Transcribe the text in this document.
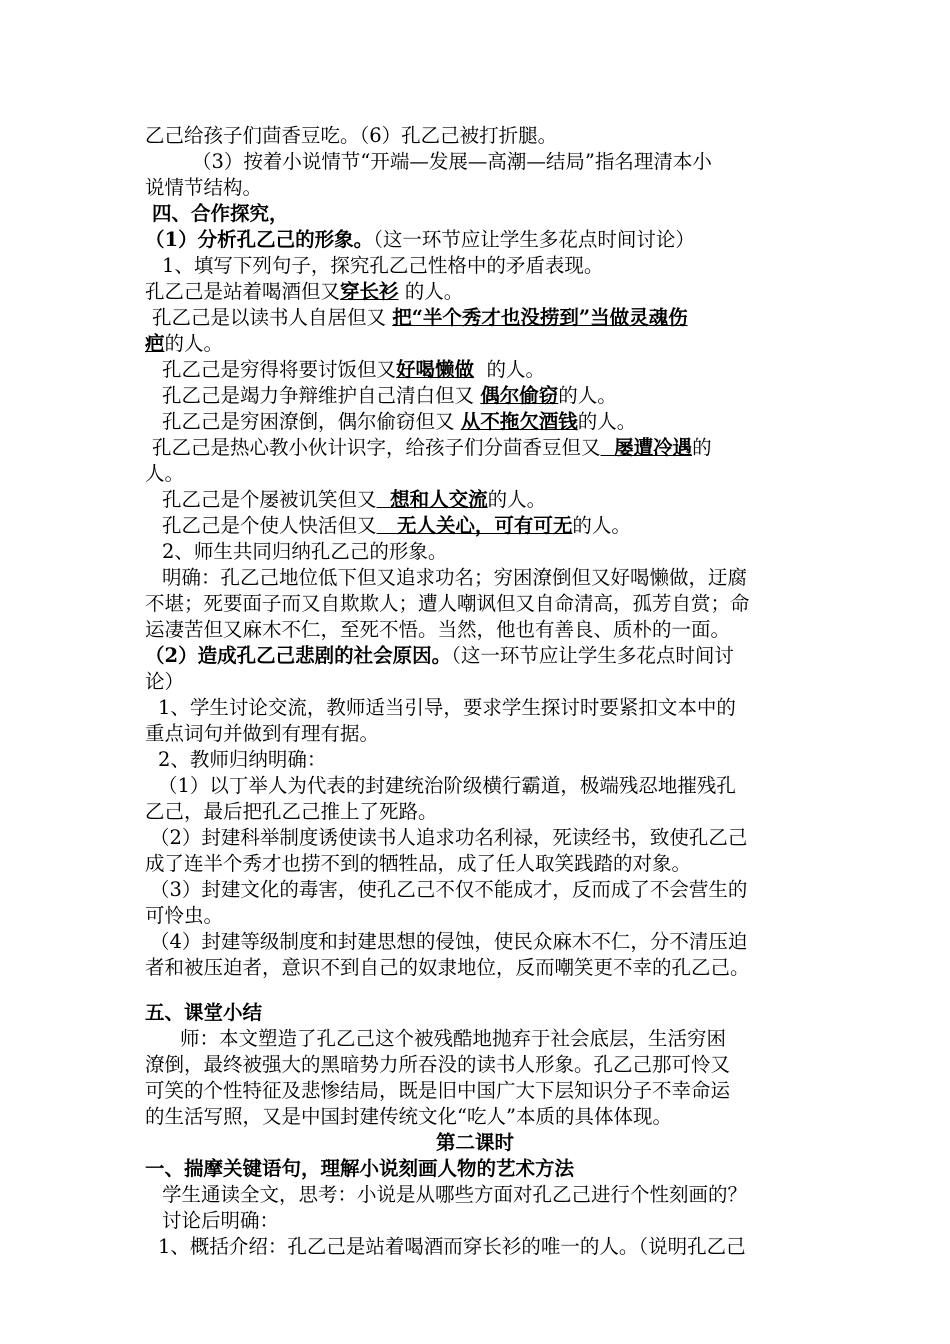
乙己给孩子们茴香豆吃。（6）孔乙己被打折腿。
（3）按着小说情节“开端—发展—高潮—结局”指名理清本小
说情节结构。
四、合作探究，
（1）分析孔乙己的形象。（这一环节应让学生多花点时间讨论）
1、填写下列句子，探究孔乙己性格中的矛盾表现。
孔乙己是站着喝酒但又穿长衫 的人。
孔乙己是以读书人自居但又 把“半个秀才也没捞到”当做灵魂伤
疤的人。
孔乙己是穷得将要讨饭但又好喝懒做 的人。
孔乙己是竭力争辩维护自己清白但又 偶尔偷窃的人。
孔乙己是穷困潦倒，偶尔偷窃但又 从不拖欠酒钱的人。
孔乙己是热心教小伙计识字，给孩子们分茴香豆但又 屡遭冷遇的
人。
孔乙己是个屡被讥笑但又 想和人交流的人。
孔乙己是个使人快活但又 无人关心，可有可无的人。
2、师生共同归纳孔乙己的形象。
明确：孔乙己地位低下但又追求功名；穷困潦倒但又好喝懒做，迂腐
不堪；死要面子而又自欺欺人；遭人嘲讽但又自命清高，孤芳自赏；命
运凄苦但又麻木不仁，至死不悟。当然，他也有善良、质朴的一面。
（2）造成孔乙己悲剧的社会原因。（这一环节应让学生多花点时间讨
论）
1、学生讨论交流，教师适当引导，要求学生探讨时要紧扣文本中的
重点词句并做到有理有据。
2、教师归纳明确：
（1）以丁举人为代表的封建统治阶级横行霸道，极端残忍地摧残孔
乙己，最后把孔乙己推上了死路。
（2）封建科举制度诱使读书人追求功名利禄，死读经书，致使孔乙己
成了连半个秀才也捞不到的牺牲品，成了任人取笑践踏的对象。
（3）封建文化的毒害，使孔乙己不仅不能成才，反而成了不会营生的
可怜虫。
（4）封建等级制度和封建思想的侵蚀，使民众麻木不仁，分不清压迫
者和被压迫者，意识不到自己的奴隶地位，反而嘲笑更不幸的孔乙己。
五、课堂小结
师：本文塑造了孔乙己这个被残酷地抛弃于社会底层，生活穷困
潦倒，最终被强大的黑暗势力所吞没的读书人形象。孔乙己那可怜又
可笑的个性特征及悲惨结局，既是旧中国广大下层知识分子不幸命运
的生活写照，又是中国封建传统文化“吃人”本质的具体体现。
第二课时
一、揣摩关键语句，理解小说刻画人物的艺术方法
学生通读全文，思考：小说是从哪些方面对孔乙己进行个性刻画的？
讨论后明确：
1、概括介绍：孔乙己是站着喝酒而穿长衫的唯一的人。（说明孔乙己
